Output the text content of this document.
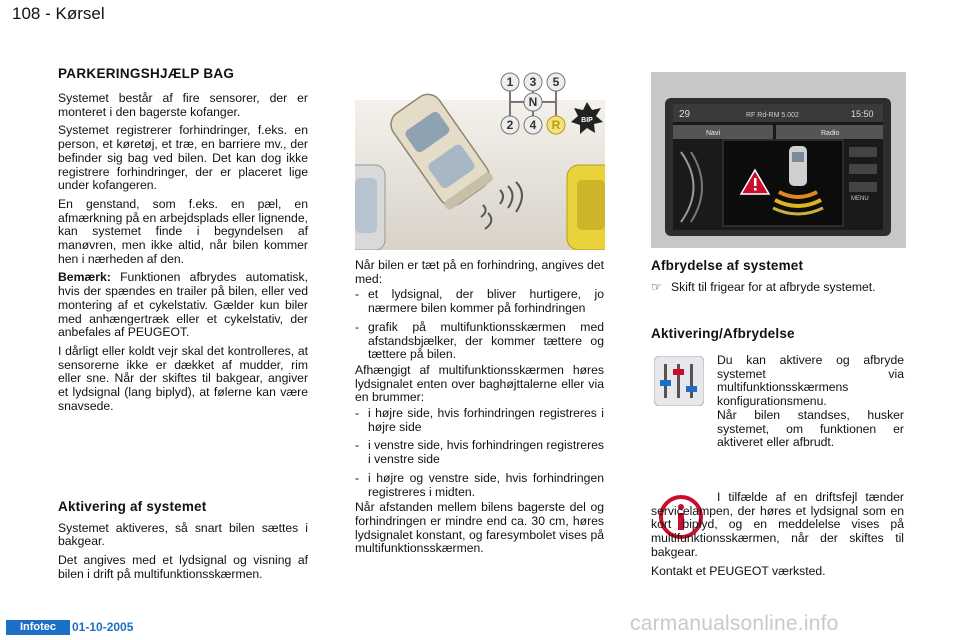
108 - Kørsel
PARKERINGSHJÆLP BAG

Systemet består af fire sensorer, der er monteret i den bagerste kofanger.

Systemet registrerer forhindringer, f.eks. en person, et køretøj, et træ, en barriere mv., der befinder sig bag ved bilen. Det kan dog ikke registrere forhindringer, der er placeret lige under kofangeren.

En genstand, som f.eks. en pæl, en afmærkning på en arbejdsplads eller lignende, kan systemet finde i begyndelsen af manøvren, men ikke altid, når bilen kommer hen i nærheden af den.

Bemærk: Funktionen afbrydes automatisk, hvis der spændes en trailer på bilen, eller ved montering af et cykelstativ. Gælder kun biler med anhængertræk eller et cykelstativ, der anbefales af PEUGEOT.

I dårligt eller koldt vejr skal det kontrolleres, at sensorerne ikke er dækket af mudder, rim eller sne. Når der skiftes til bakgear, angiver et lydsignal (lang biplyd), at følerne kan være snavsede.

Aktivering af systemet

Systemet aktiveres, så snart bilen sættes i bakgear.

Det angives med et lydsignal og visning af bilen i drift på multifunktionsskærmen.

1 3 5
N
2 4 R	BIP

Når bilen er tæt på en forhindring, angives det med:

- et lydsignal, der bliver hurtigere, jo nærmere bilen kommer på forhindringen

- grafik på multifunktionsskærmen med afstandsbjælker, der kommer tættere og tættere på bilen.

Afhængigt af multifunktionsskærmen høres lydsignalet enten over baghøjttalerne eller via en brummer:

- i højre side, hvis forhindringen registreres i højre side

- i venstre side, hvis forhindringen registreres i venstre side

- i højre og venstre side, hvis forhindringen registreres i midten.

Når afstanden mellem bilens bagerste del og forhindringen er mindre end ca. 30 cm, høres lydsignalet konstant, og faresymbolet vises på multifunktionsskærmen.

29	RF Rd-RM 5.002	15:50
Navi	Radio
MENU
Afbrydelse af systemet

☞ Skift til frigear for at afbryde systemet.

Aktivering/Afbrydelse

Du kan aktivere og afbryde systemet via multifunktionsskærmens konfigurationsmenu.

Når bilen standses, husker systemet, om funktionen er aktiveret eller afbrudt.

I tilfælde af en driftsfejl tænder servicelampen, der høres et lydsignal som en kort biplyd, og en meddelelse vises på multifunktionsskærmen, når der skiftes til bakgear.

Kontakt et PEUGEOT værksted.

Infotec	01-10-2005	carmanualsonline.info
